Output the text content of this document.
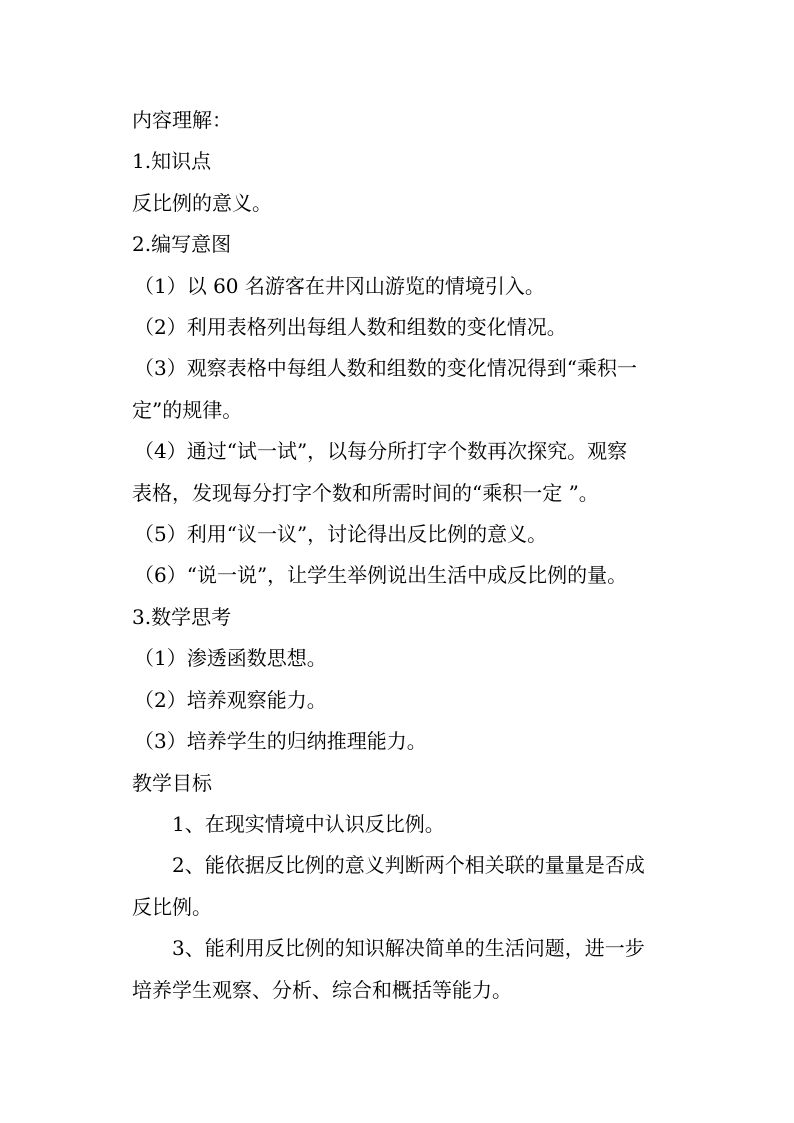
内容理解：

1.知识点

反比例的意义。

2.编写意图

（1）以 60 名游客在井冈山游览的情境引入。

（2）利用表格列出每组人数和组数的变化情况。

（3）观察表格中每组人数和组数的变化情况得到“乘积一

定”的规律。

（4）通过“试一试”，以每分所打字个数再次探究。观察

表格，发现每分打字个数和所需时间的“乘积一定 ”。

（5）利用“议一议”，讨论得出反比例的意义。

（6）“说一说”，让学生举例说出生活中成反比例的量。

3.数学思考

（1）渗透函数思想。

（2）培养观察能力。

（3）培养学生的归纳推理能力。

教学目标

1、在现实情境中认识反比例。

2、能依据反比例的意义判断两个相关联的量量是否成

反比例。

3、能利用反比例的知识解决简单的生活问题，进一步

培养学生观察、分析、综合和概括等能力。
